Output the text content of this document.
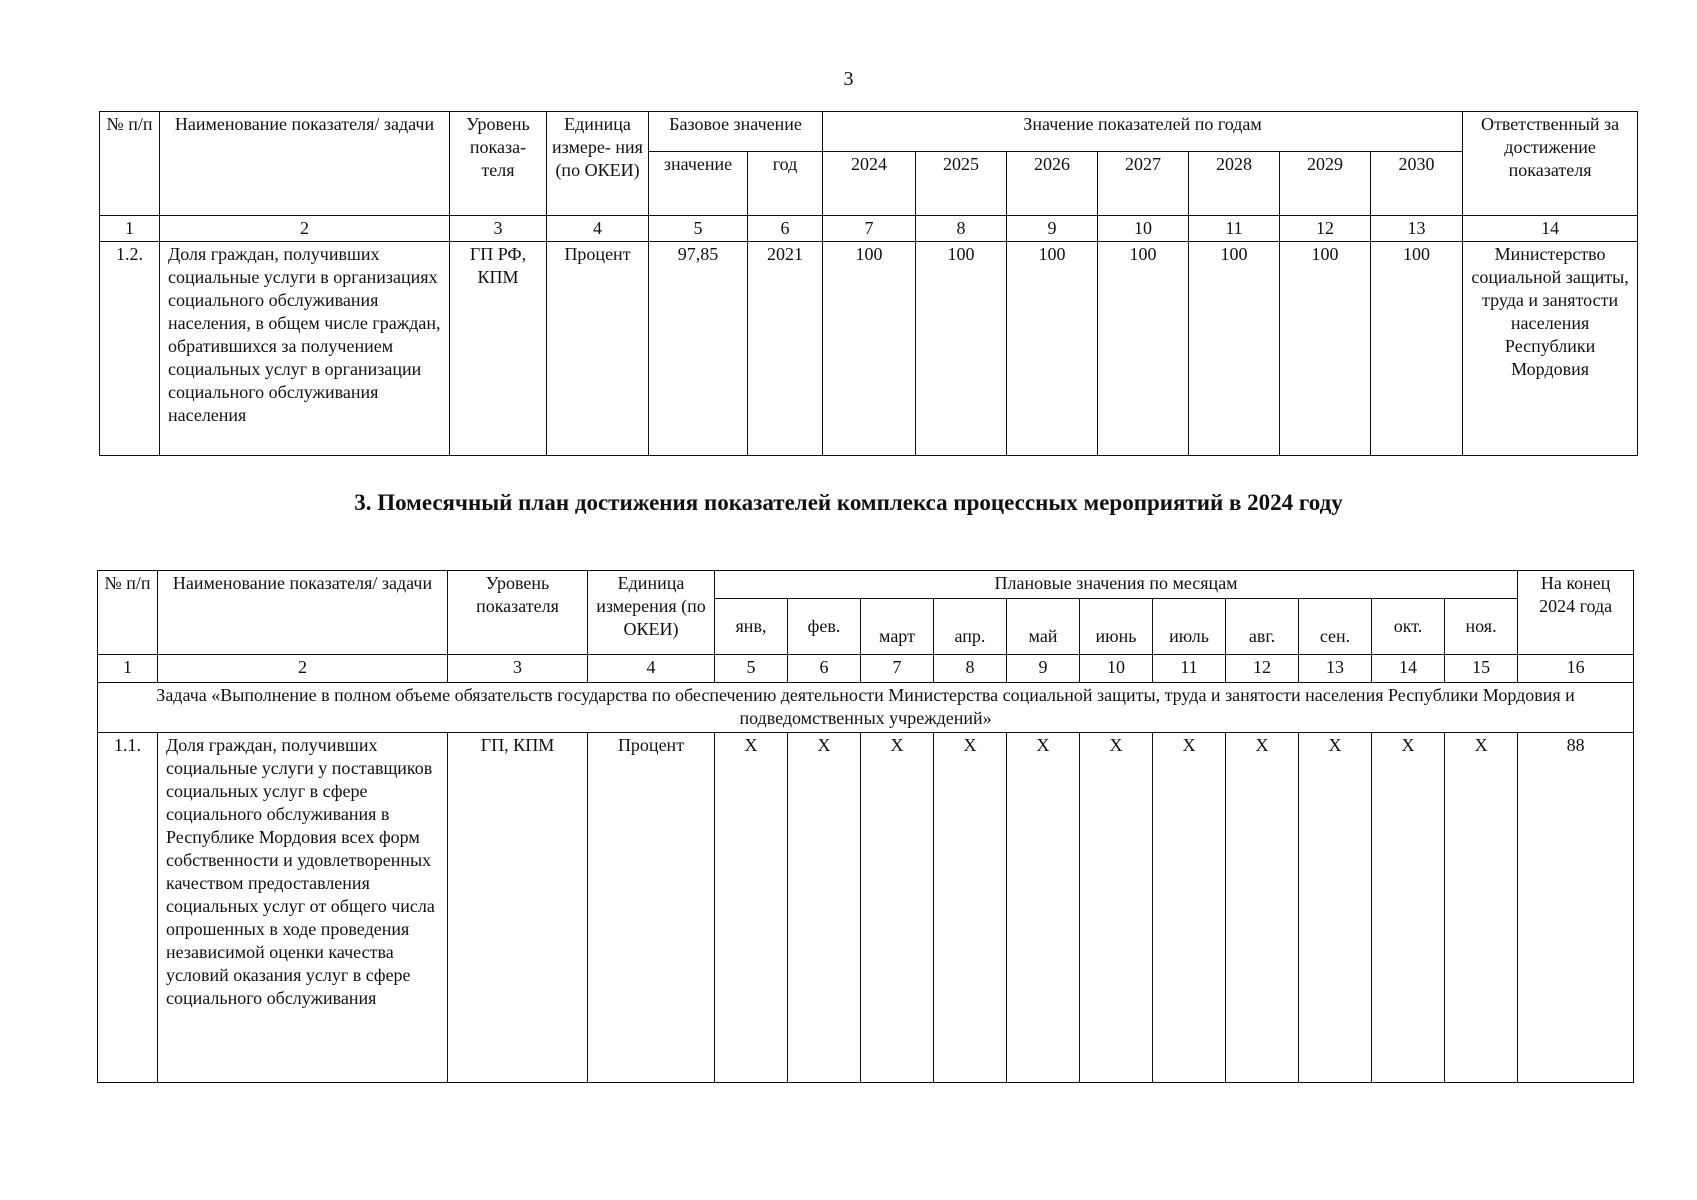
3
№ п/п	Наименование показателя/ задачи	Уровень показа- теля	Единица измере- ния (по ОКЕИ)	Базовое значение		Значение показателей по годам							Ответственный за достижение показателя
				значение	год	2024	2025	2026	2027	2028	2029	2030	
1	2	3	4	5	6	7	8	9	10	11	12	13	14
1.2.	Доля граждан, получивших социальные услуги в организациях социального обслуживания населения, в общем числе граждан, обратившихся за получением социальных услуг в организации социального обслуживания населения	ГП РФ, КПМ	Процент	97,85	2021	100	100	100	100	100	100	100	Министерство социальной защиты, труда и занятости населения Республики Мордовия
3. Помесячный план достижения показателей комплекса процессных мероприятий в 2024 году
№ п/п	Наименование показателя/ задачи	Уровень показателя	Единица измерения (по ОКЕИ)	Плановые значения по месяцам											На конец 2024 года
				янв,	фев.	март	апр.	май	июнь	июль	авг.	сен.	окт.	ноя.	
1	2	3	4	5	6	7	8	9	10	11	12	13	14	15	16
Задача «Выполнение в полном объеме обязательств государства по обеспечению деятельности Министерства социальной защиты, труда и занятости населения Республики Мордовия и подведомственных учреждений»															
1.1.	Доля граждан, получивших социальные услуги у поставщиков социальных услуг в сфере социального обслуживания в Республике Мордовия всех форм собственности и удовлетворенных качеством предоставления социальных услуг от общего числа опрошенных в ходе проведения независимой оценки качества условий оказания услуг в сфере социального обслуживания	ГП, КПМ	Процент	X	X	X	X	X	X	X	X	X	X	X	88
